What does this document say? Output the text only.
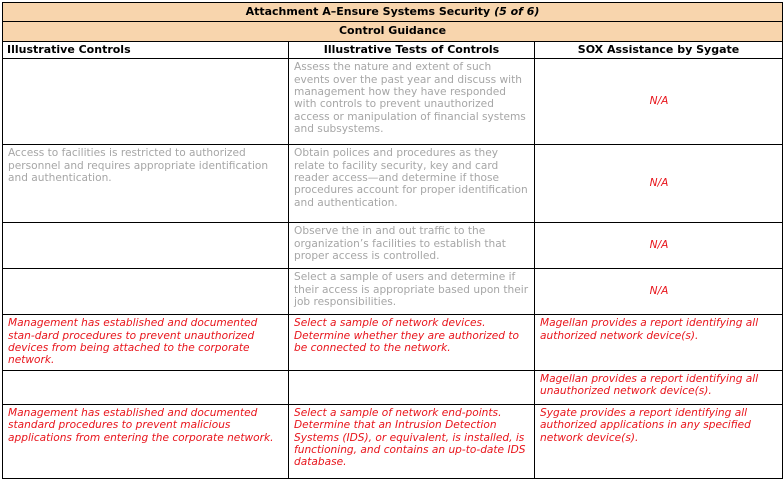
Attachment A–Ensure Systems Security (5 of 6)		
Control Guidance		
Illustrative Controls	Illustrative Tests of Controls	SOX Assistance by Sygate
	Assess the nature and extent of such events over the past year and discuss with management how they have responded with controls to prevent unauthorized access or manipulation of financial systems and subsystems.	N/A
Access to facilities is restricted to authorized personnel and requires appropriate identification and authentication.	Obtain polices and procedures as they relate to facility security, key and card reader access—and determine if those procedures account for proper identification and authentication.	N/A
	Observe the in and out traffic to the organization’s facilities to establish that proper access is controlled.	N/A
	Select a sample of users and determine if their access is appropriate based upon their job responsibilities.	N/A
Management has established and documented stan-dard procedures to prevent unauthorized devices from being attached to the corporate network.	Select a sample of network devices. Determine whether they are authorized to be connected to the network.	Magellan provides a report identifying all authorized network device(s).
		Magellan provides a report identifying all unauthorized network device(s).
Management has established and documented standard procedures to prevent malicious applications from entering the corporate network.	Select a sample of network end-points. Determine that an Intrusion Detection Systems (IDS), or equivalent, is installed, is functioning, and contains an up-to-date IDS database.	Sygate provides a report identifying all authorized applications in any specified network device(s).
